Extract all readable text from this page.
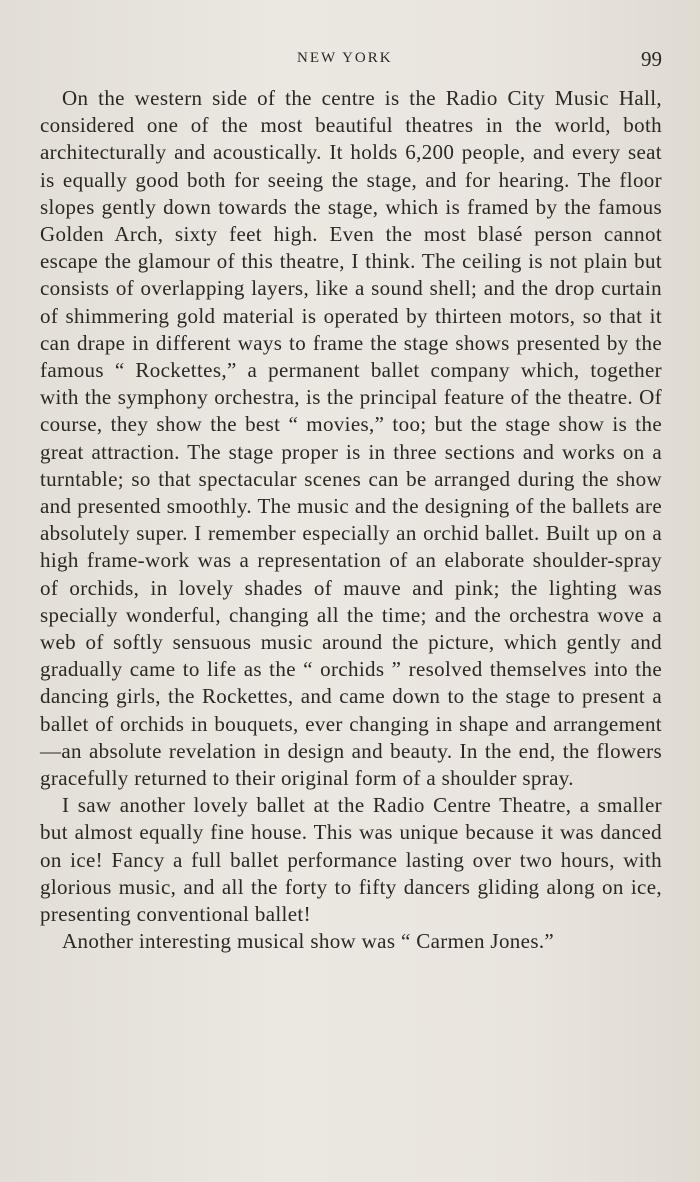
NEW YORK	99

On the western side of the centre is the Radio City Music Hall, considered one of the most beautiful theatres in the world, both architecturally and acoustically. It holds 6,200 people, and every seat is equally good both for seeing the stage, and for hearing. The floor slopes gently down towards the stage, which is framed by the famous Golden Arch, sixty feet high. Even the most blasé person cannot escape the glamour of this theatre, I think. The ceiling is not plain but consists of overlapping layers, like a sound shell; and the drop curtain of shimmering gold material is operated by thirteen motors, so that it can drape in different ways to frame the stage shows presented by the famous “ Rockettes,” a permanent ballet company which, together with the symphony orchestra, is the principal feature of the theatre. Of course, they show the best “ movies,” too; but the stage show is the great attraction. The stage proper is in three sections and works on a turntable; so that spectacular scenes can be arranged during the show and presented smoothly. The music and the designing of the ballets are absolutely super. I remember especially an orchid ballet. Built up on a high frame-work was a representation of an elaborate shoulder-spray of orchids, in lovely shades of mauve and pink; the lighting was specially wonderful, changing all the time; and the orchestra wove a web of softly sensuous music around the picture, which gently and gradually came to life as the “ orchids ” resolved themselves into the dancing girls, the Rockettes, and came down to the stage to present a ballet of orchids in bouquets, ever changing in shape and arrangement —an absolute revelation in design and beauty. In the end, the flowers gracefully returned to their original form of a shoulder spray.

I saw another lovely ballet at the Radio Centre Theatre, a smaller but almost equally fine house. This was unique because it was danced on ice! Fancy a full ballet performance lasting over two hours, with glorious music, and all the forty to fifty dancers gliding along on ice, presenting conventional ballet!

Another interesting musical show was “ Carmen Jones.”
